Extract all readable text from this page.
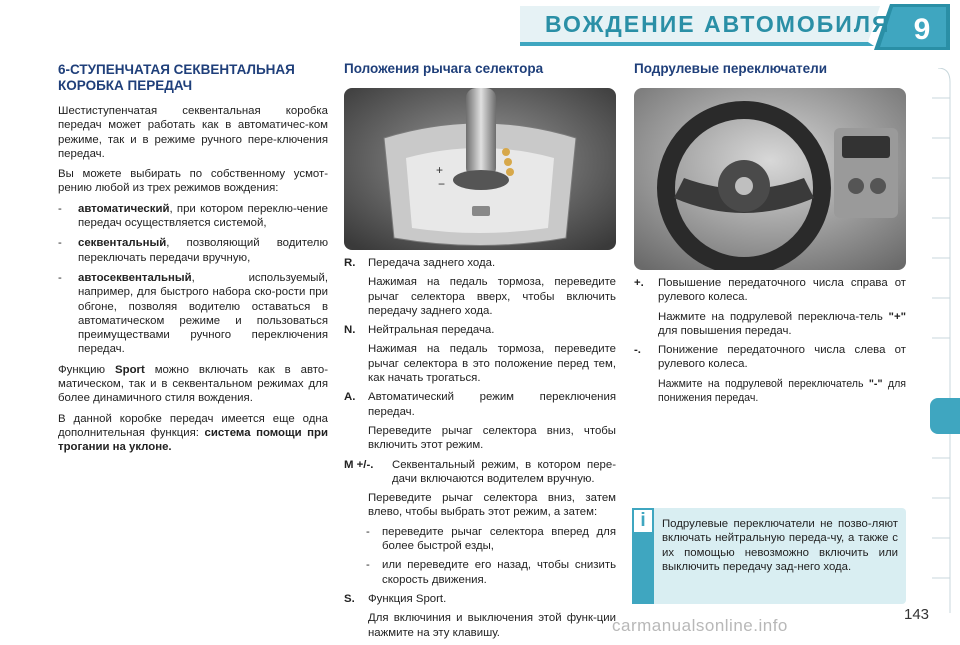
ВОЖДЕНИЕ АВТОМОБИЛЯ 9
6-СТУПЕНЧАТАЯ СЕКВЕНТАЛЬНАЯ
КОРОБКА ПЕРЕДАЧ

Шестиступенчатая секвентальная коробка передач может работать как в автоматичес-ком режиме, так и в режиме ручного пере-ключения передач.

Вы можете выбирать по собственному усмот-рению любой из трех режимов вождения:

-	автоматический, при котором переклю-чение передач осуществляется системой,
-	секвентальный, позволяющий водителю переключать передачи вручную,
-	автосеквентальный, используемый, например, для быстрого набора ско-рости при обгоне, позволяя водителю оставаться в автоматическом режиме и пользоваться преимуществами ручного переключения передач.

Функцию Sport можно включать как в авто-матическом, так и в секвентальном режимах для более динамичного стиля вождения.

В данной коробке передач имеется еще одна дополнительная функция: система помощи при трогании на уклоне.

Положения рычага селектора
+
−
R.	Передача заднего хода.
Нажимая на педаль тормоза, переведите рычаг селектора вверх, чтобы включить передачу заднего хода.
N.	Нейтральная передача.
Нажимая на педаль тормоза, переведите рычаг селектора в это положение перед тем, как начать трогаться.
A.	Автоматический режим переключения передач.
Переведите рычаг селектора вниз, чтобы включить этот режим.
M +/-.	Секвентальный режим, в котором пере-дачи включаются водителем вручную.
Переведите рычаг селектора вниз, затем влево, чтобы выбрать этот режим, а затем:
-	переведите рычаг селектора вперед для более быстрой езды,
-	или переведите его назад, чтобы снизить скорость движения.
S.	Функция Sport.
Для включиния и выключения этой функ-ции нажмите на эту клавишу.
Подрулевые переключатели
+.	Повышение передаточного числа справа от рулевого колеса.
Нажмите на подрулевой переключа-тель "+" для повышения передач.
-.	Понижение передаточного числа слева от рулевого колеса.
Нажмите на подрулевой переключатель "-" для понижения передач.
i	Подрулевые переключатели не позво-ляют включать нейтральную переда-чу, а также с их помощью невозможно включить или выключить передачу зад-него хода.
143
carmanualsonline.info
